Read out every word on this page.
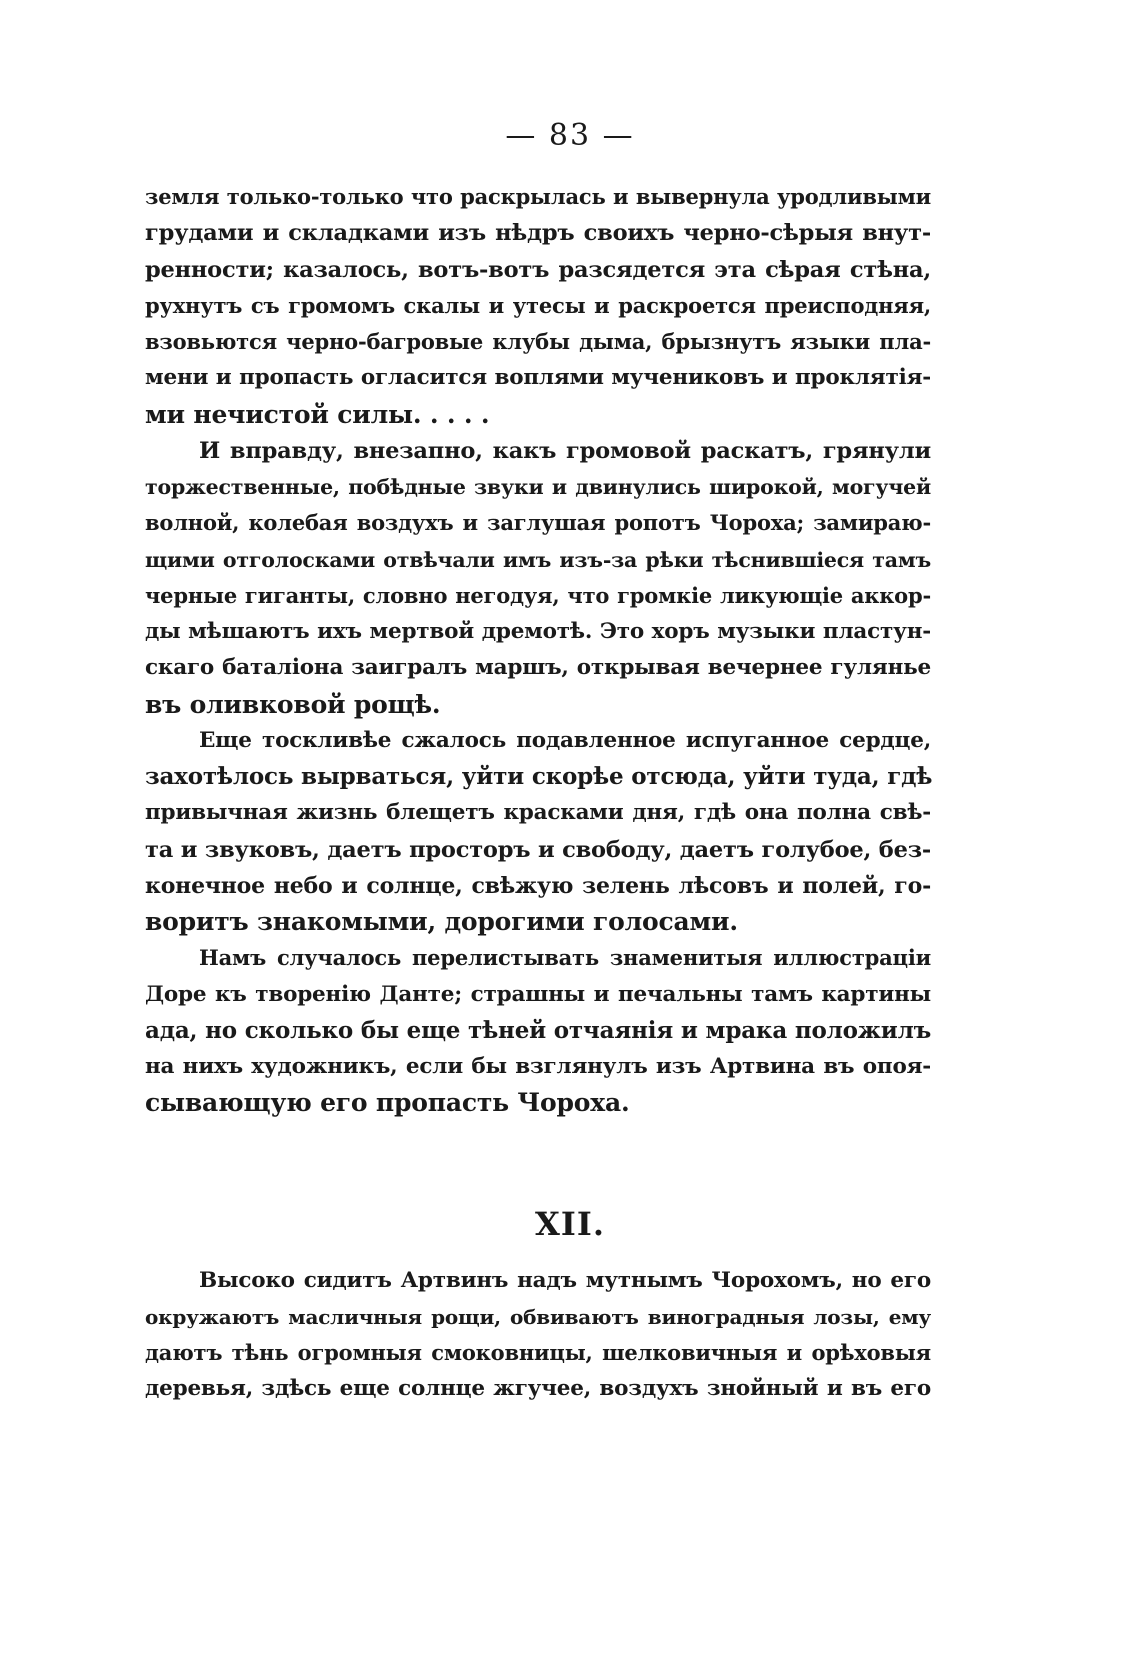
— 83 —
земля только-только что раскрылась и вывернула уродливыми
грудами и складками изъ нѣдръ своихъ черно-сѣрыя внут-
ренности; казалось, вотъ-вотъ разсядется эта сѣрая стѣна,
рухнутъ съ громомъ скалы и утесы и раскроется преисподняя,
взовьются черно-багровые клубы дыма, брызнутъ языки пла-
мени и пропасть огласится воплями мучениковъ и проклятія-
ми нечистой силы. . . . .
И вправду, внезапно, какъ громовой раскатъ, грянули
торжественные, побѣдные звуки и двинулись широкой, могучей
волной, колебая воздухъ и заглушая ропотъ Чороха; замираю-
щими отголосками отвѣчали имъ изъ-за рѣки тѣснившіеся тамъ
черные гиганты, словно негодуя, что громкіе ликующіе аккор-
ды мѣшаютъ ихъ мертвой дремотѣ. Это хоръ музыки пластун-
скаго баталіона заигралъ маршъ, открывая вечернее гулянье
въ оливковой рощѣ.
Еще тоскливѣе сжалось подавленное испуганное сердце,
захотѣлось вырваться, уйти скорѣе отсюда, уйти туда, гдѣ
привычная жизнь блещетъ красками дня, гдѣ она полна свѣ-
та и звуковъ, даетъ просторъ и свободу, даетъ голубое, без-
конечное небо и солнце, свѣжую зелень лѣсовъ и полей, го-
воритъ знакомыми, дорогими голосами.
Намъ случалось перелистывать знаменитыя иллюстраціи
Доре къ творенію Данте; страшны и печальны тамъ картины
ада, но сколько бы еще тѣней отчаянія и мрака положилъ
на нихъ художникъ, если бы взглянулъ изъ Артвина въ опоя-
сывающую его пропасть Чороха.
XII.
Высоко сидитъ Артвинъ надъ мутнымъ Чорохомъ, но его
окружаютъ масличныя рощи, обвиваютъ виноградныя лозы, ему
даютъ тѣнь огромныя смоковницы, шелковичныя и орѣховыя
деревья, здѣсь еще солнце жгучее, воздухъ знойный и въ его
